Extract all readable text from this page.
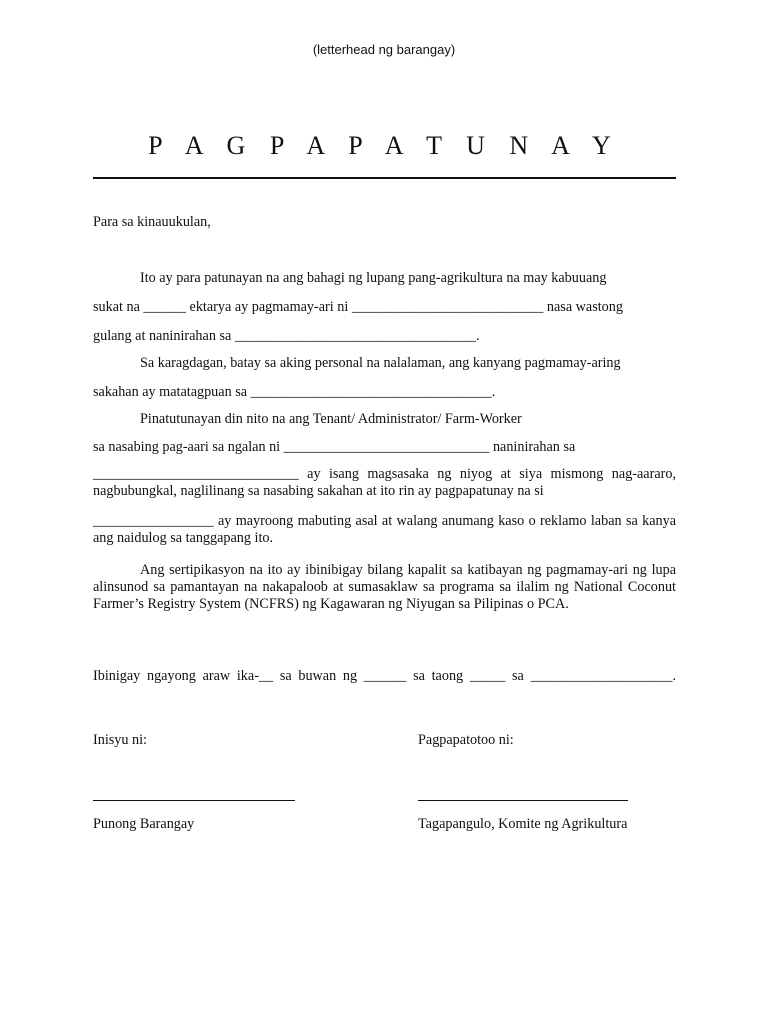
(letterhead ng barangay)
P A G P A P A T U N A Y
Para sa kinauukulan,
Ito ay para patunayan na ang bahagi ng lupang pang-agrikultura na may kabuuang
sukat na ______ ektarya ay pagmamay-ari ni ___________________________ nasa wastong
gulang at naninirahan sa __________________________________.
Sa karagdagan, batay sa aking personal na nalalaman, ang kanyang pagmamay-aring
sakahan ay matatagpuan sa __________________________________.
Pinatutunayan din nito na ang Tenant/ Administrator/ Farm-Worker
sa nasabing pag-aari sa ngalan ni _____________________________ naninirahan sa
_____________________________ ay isang magsasaka ng niyog at siya mismong nag-aararo, nagbubungkal, naglilinang sa nasabing sakahan at ito rin ay pagpapatunay na si
_________________ ay mayroong mabuting asal at walang anumang kaso o reklamo laban sa kanya ang naidulog sa tanggapang ito.
Ang sertipikasyon na ito ay ibinibigay bilang kapalit sa katibayan ng pagmamay-ari ng lupa alinsunod sa pamantayan na nakapaloob at sumasaklaw sa programa sa ilalim ng National Coconut Farmer’s Registry System (NCFRS) ng Kagawaran ng Niyugan sa Pilipinas o PCA.
Ibinigay ngayong araw ika-__ sa buwan ng ______ sa taong _____ sa ____________________.
Inisyu ni:	Pagpapatotoo ni:
Punong Barangay	Tagapangulo, Komite ng Agrikultura
